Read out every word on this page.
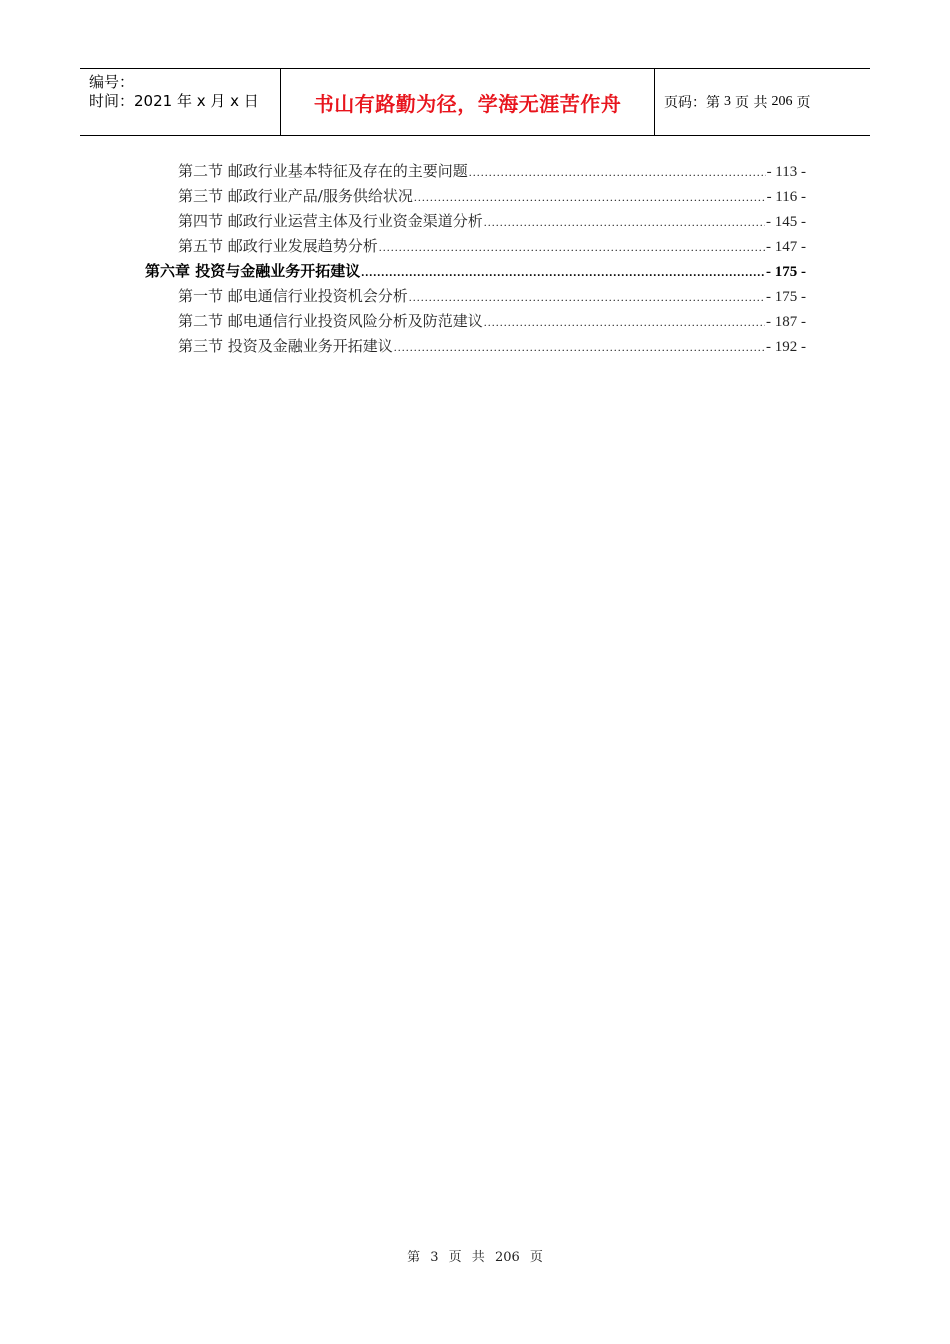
编号：
时间：2021 年 x 月 x 日	书山有路勤为径，学海无涯苦作舟	页码：第 3 页 共 206 页
第二节 邮政行业基本特征及存在的主要问题 .....	- 113 -
第三节 邮政行业产品/服务供给状况 .....	- 116 -
第四节 邮政行业运营主体及行业资金渠道分析 .....	- 145 -
第五节 邮政行业发展趋势分析 .....	- 147 -
第六章 投资与金融业务开拓建议 .....	- 175 -
第一节 邮电通信行业投资机会分析 .....	- 175 -
第二节 邮电通信行业投资风险分析及防范建议 .....	- 187 -
第三节 投资及金融业务开拓建议 .....	- 192 -
第 3 页 共 206 页
